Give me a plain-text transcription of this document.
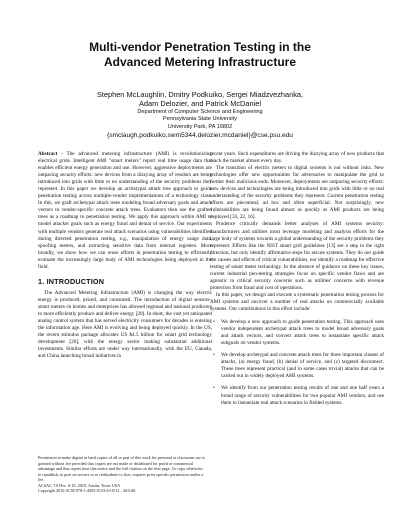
Multi-vendor Penetration Testing in the
Advanced Metering Infrastructure
Stephen McLaughlin, Dmitry Podkuiko, Sergei Miadzvezhanka,
Adam Delozier, and Patrick McDaniel
Department of Computer Science and Engineering
Pennsylvania State University
University Park, PA 16802
{smclaugh,podkuiko,swm5344,delozier,mcdaniel}@cse.psu.edu

Abstract - The advanced metering infrastructure (AMI) is revolutionizing electrical grids. Intelligent AMI "smart meters" report real time usage data that enables efficient energy generation and use. However, aggressive deployments are outpacing security efforts: new devices from a dizzying array of vendors are being introduced into grids with little or no understanding of the security problems they represent. In this paper we develop an archetypal attack tree approach to guide penetration testing across multiple-vendor implementations of a technology class. In this, we graft archetypal attack trees modeling broad adversary goals and attack vectors to vendor-specific concrete attack trees. Evaluators then use the grafted trees as a roadmap to penetration testing. We apply this approach within AMI to model attacker goals such as energy fraud and denial of service. Our experiments with multiple vendors generate real attack scenarios using vulnerabilities identified during directed penetration testing, e.g., manipulation of energy usage data, spoofing meters, and extracting sensitive data from internal registers. More broadly, we show how we can reuse efforts in penetration testing to efficiently evaluate the increasingly large body of AMI technologies being deployed in the field.

1. INTRODUCTION

The Advanced Metering Infrastructure (AMI) is changing the way electric energy is produced, priced, and consumed. The introduction of digital sensors–smart meters–in homes and enterprises has allowed regional and national producers to more efficiently produce and deliver energy [20]. In short, the vast yet antiquated analog control system that has served electricity consumers for decades is entering the information age. Here AMI is evolving and being deployed quickly. In the US, the recent stimulus package allocates US $4.5 billion for smart grid technology development [26], with the energy sector making substantial additional investments. Similar efforts are under way internationally, with the EU, Canada, and China launching broad initiatives in

Permission to make digital or hard copies of all or part of this work for personal or classroom use is granted without fee provided that copies are not made or distributed for profit or commercial advantage and that copies bear this notice and the full citation on the first page. To copy otherwise, to republish, to post on servers or to redistribute to lists, requires prior specific permission and/or a fee.
ACSAC '10 Dec. 6-10, 2010, Austin, Texas USA
Copyright 2010 ACM 978-1-4503-0133-6/10/12 ...$10.00.

recent years. Such expenditures are driving the dizzying array of new products that reach the market almost every day.

The transition of electric meters to digital systems is not without risks. New technologies offer new opportunities for adversaries to manipulate the grid to further their malicious ends. Moreover, deployments are outpacing security efforts: new devices and technologies are being introduced into grids with little or no real understanding of the security problems they represent. Current penetration testing efforts are piecemeal, ad hoc and often superficial. Not surprisingly, new vulnerabilities are being found almost as quickly as AMI products are being deployed [33, 22, 16].

Prudence critically demands better analyses of AMI systems security: manufacturers and utilities must leverage modeling and analysis efforts for the large body of systems towards a global understanding of the security problems they represent. Efforts like the NIST smart grid guidelines [13] are a step in the right direction, but only identify affirmative steps for secure systems. They do not guide the causes and effects of critical vulnerabilities, nor identify a roadmap for effective testing of smart meter technology. In the absence of guidance on these key issues, current industrial pen-testing strategies focus on specific vendor flaws and are agnostic to critical security concerns such as utilities' concerns with revenue protection from fraud and cost of operations.

In this paper, we design and execute a systematic penetration testing process for AMI systems and uncover a number of real attacks on commercially available systems. Our contributions in this effort include:

• We develop a new approach to guide penetration testing. This approach uses vendor independent archetypal attack trees to model broad adversary goals and attack vectors, and convert attack trees to instantiate specific attack subgoals on vendor systems.
• We develop archetypal and concrete attack trees for three important classes of attacks, (a) energy fraud, (b) denial of service, and (c) targeted disconnect. These trees represent practical (and in some cases trivial) attacks that can be carried out in widely deployed AMI systems.
• We identify from our penetration testing results of one and one half years a broad range of security vulnerabilities for two popular AMI vendors, and use them to instantiate real attack scenarios in fielded systems.
